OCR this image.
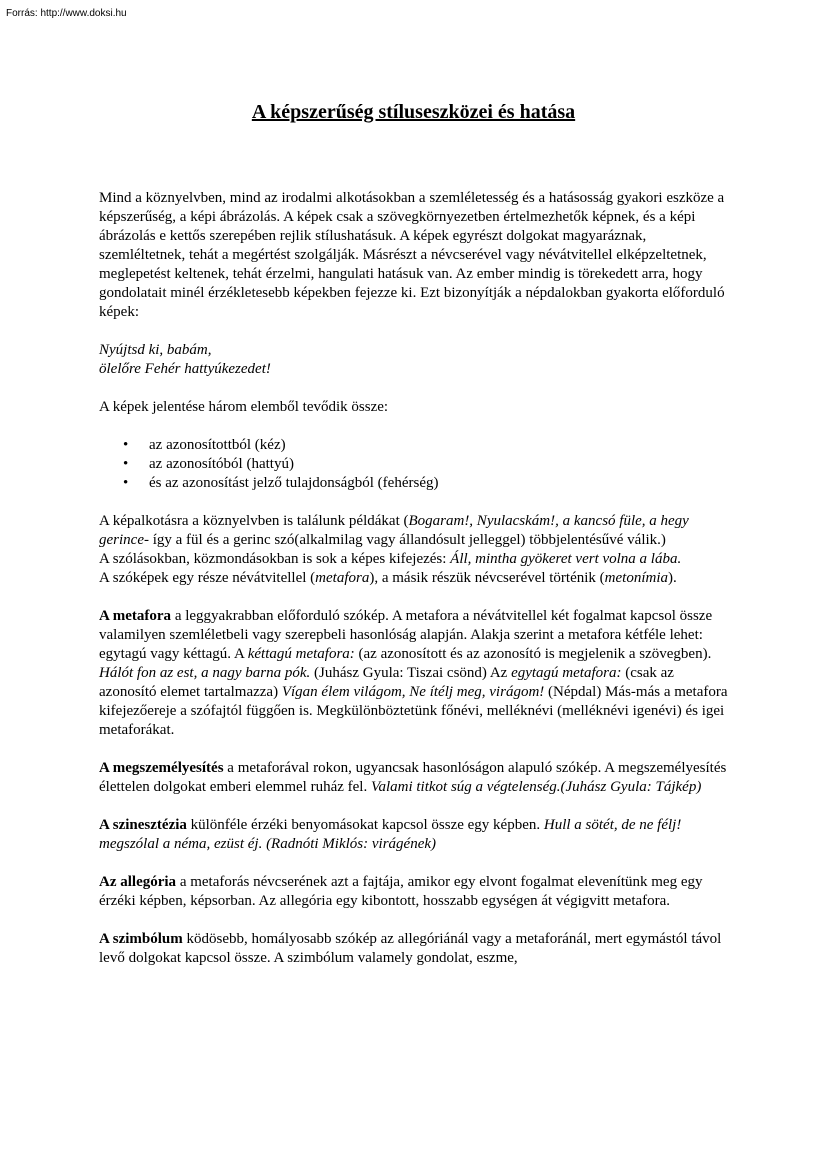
Forrás: http://www.doksi.hu
A képszerűség stíluseszközei és hatása

Mind a köznyelvben, mind az irodalmi alkotásokban a szemléletesség és a hatásosság gyakori eszköze a képszerűség, a képi ábrázolás. A képek csak a szövegkörnyezetben értelmezhetők képnek, és a képi ábrázolás e kettős szerepében rejlik stílushatásuk. A képek egyrészt dolgokat magyaráznak, szemléltetnek, tehát a megértést szolgálják. Másrészt a névcserével vagy névátvitellel elképzeltetnek, meglepetést keltenek, tehát érzelmi, hangulati hatásuk van. Az ember mindig is törekedett arra, hogy gondolatait minél érzékletesebb képekben fejezze ki. Ezt bizonyítják a népdalokban gyakorta előforduló képek:

Nyújtsd ki, babám,
ölelőre Fehér hattyúkezedet!

A képek jelentése három elemből tevődik össze:

• az azonosítottból (kéz)
• az azonosítóból (hattyú)
• és az azonosítást jelző tulajdonságból (fehérség)

A képalkotásra a köznyelvben is találunk példákat (Bogaram!, Nyulacskám!, a kancsó füle, a hegy gerince- így a fül és a gerinc szó(alkalmilag vagy állandósult jelleggel) többjelentésűvé válik.)

A szólásokban, közmondásokban is sok a képes kifejezés: Áll, mintha gyökeret vert volna a lába.

A szóképek egy része névátvitellel (metafora), a másik részük névcserével történik (metonímia).

A metafora a leggyakrabban előforduló szókép. A metafora a névátvitellel két fogalmat kapcsol össze valamilyen szemléletbeli vagy szerepbeli hasonlóság alapján. Alakja szerint a metafora kétféle lehet: egytagú vagy kéttagú. A kéttagú metafora: (az azonosított és az azonosító is megjelenik a szövegben). Hálót fon az est, a nagy barna pók. (Juhász Gyula: Tiszai csönd) Az egytagú metafora: (csak az azonosító elemet tartalmazza) Vígan élem világom, Ne ítélj meg, virágom! (Népdal) Más-más a metafora kifejezőereje a szófajtól függően is. Megkülönböztetünk főnévi, melléknévi (melléknévi igenévi) és igei metaforákat.

A megszemélyesítés a metaforával rokon, ugyancsak hasonlóságon alapuló szókép. A megszemélyesítés élettelen dolgokat emberi elemmel ruház fel. Valami titkot súg a végtelenség.(Juhász Gyula: Tájkép)

A szinesztézia különféle érzéki benyomásokat kapcsol össze egy képben. Hull a sötét, de ne félj! megszólal a néma, ezüst éj. (Radnóti Miklós: virágének)

Az allegória a metaforás névcserének azt a fajtája, amikor egy elvont fogalmat elevenítünk meg egy érzéki képben, képsorban. Az allegória egy kibontott, hosszabb egységen át végigvitt metafora.

A szimbólum ködösebb, homályosabb szókép az allegóriánál vagy a metaforánál, mert egymástól távol levő dolgokat kapcsol össze. A szimbólum valamely gondolat, eszme,
